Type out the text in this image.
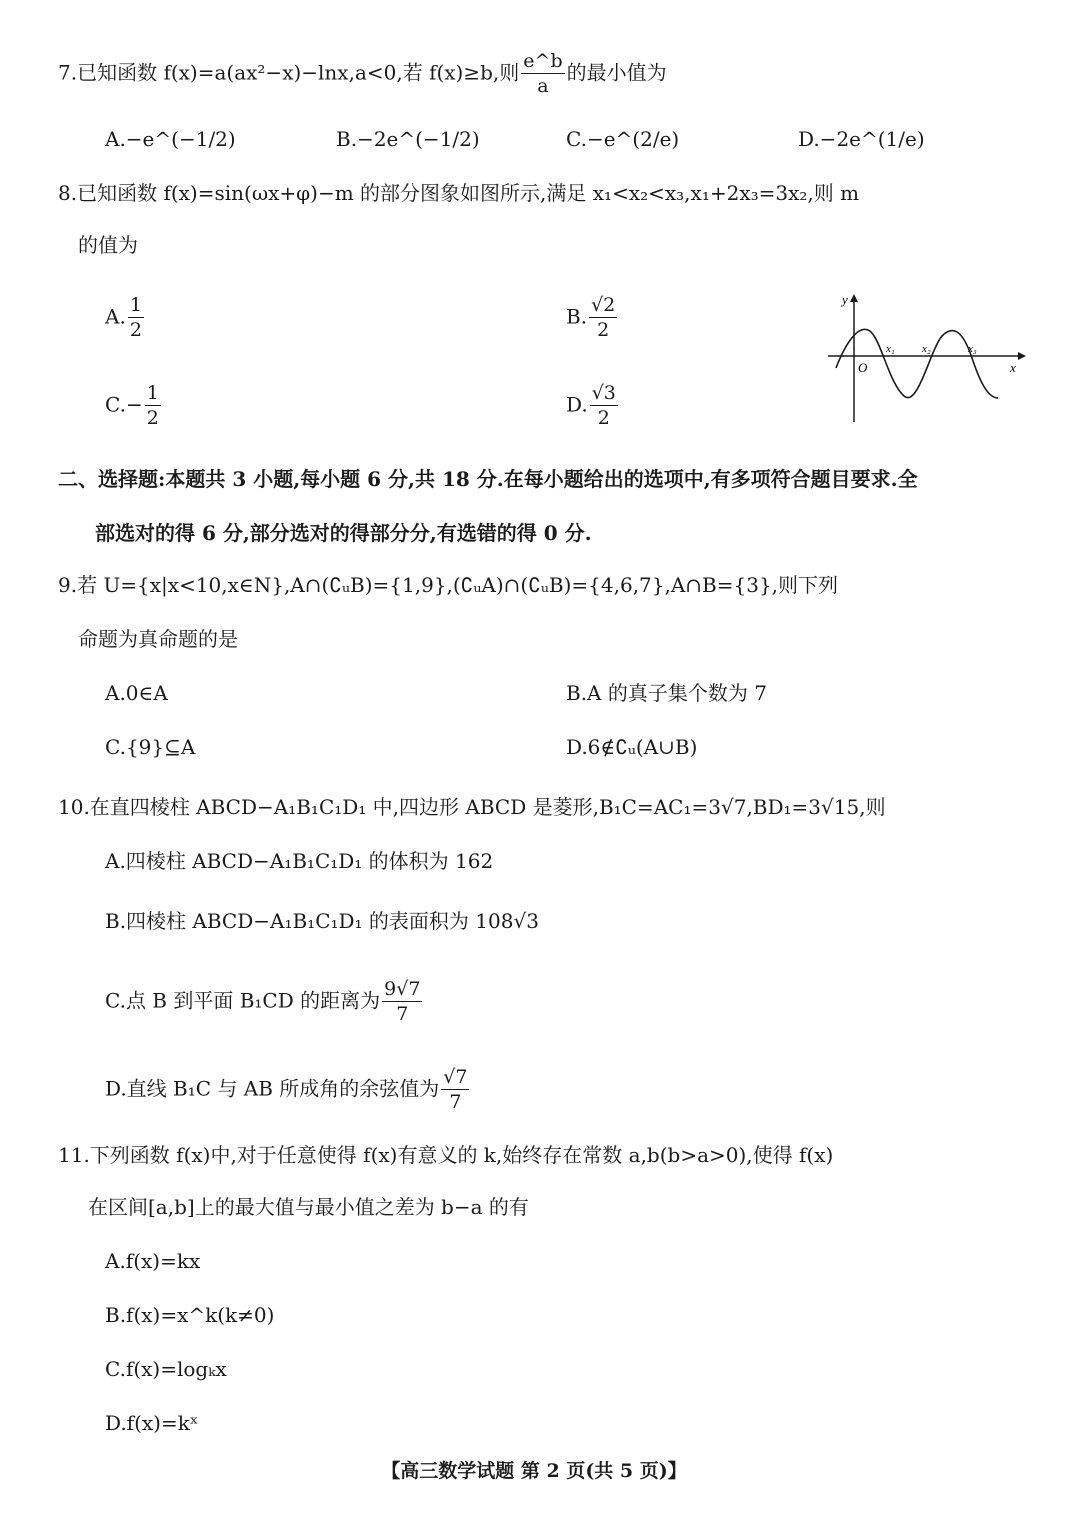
7.已知函数 f(x)=a(ax²−x)−lnx,a<0,若 f(x)≥b,则 $\frac{e\^{}b}{a}$ 的最小值为
A.−e^(−1/2)	B.−2e^(−1/2)	C.−e^(2/e)	D.−2e^(1/e)
8.已知函数 f(x)=sin(ωx+φ)−m 的部分图象如图所示,满足 x₁<x₂<x₃,x₁+2x₃=3x₂,则 m
的值为
A. $\frac{1}{2}$	B. $\frac{√2}{2}$
$C.- \frac{1}{2}$	D. $\frac{√3}{2}$
y
x
O
x₁ x₂	x₃
二、选择题:本题共 3 小题,每小题 6 分,共 18 分.在每小题给出的选项中,有多项符合题目要求.全
部选对的得 6 分,部分选对的得部分分,有选错的得 0 分.
9.若 U={x|x<10,x∈N},A∩(∁ᵤB)={1,9},(∁ᵤA)∩(∁ᵤB)={4,6,7},A∩B={3},则下列
命题为真命题的是
A.0∈A	B.A 的真子集个数为 7
C.{9}⊆A	D.6∉∁ᵤ(A∪B)
10.在直四棱柱 ABCD−A₁B₁C₁D₁ 中,四边形 ABCD 是菱形,B₁C=AC₁=3√7,BD₁=3√15,则
A.四棱柱 ABCD−A₁B₁C₁D₁ 的体积为 162
B.四棱柱 ABCD−A₁B₁C₁D₁ 的表面积为 108√3
C.点 B 到平面 B₁CD 的距离为 $\frac{9√7}{7}$
D.直线 B₁C 与 AB 所成角的余弦值为 $\frac{√7}{7}$
11.下列函数 f(x)中,对于任意使得 f(x)有意义的 k,始终存在常数 a,b(b>a>0),使得 f(x)
在区间[a,b]上的最大值与最小值之差为 b−a 的有
A.f(x)=kx
B.f(x)=x^k(k≠0)
C.f(x)=logₖx
D.f(x)=kˣ
【高三数学试题 第 2 页(共 5 页)】
